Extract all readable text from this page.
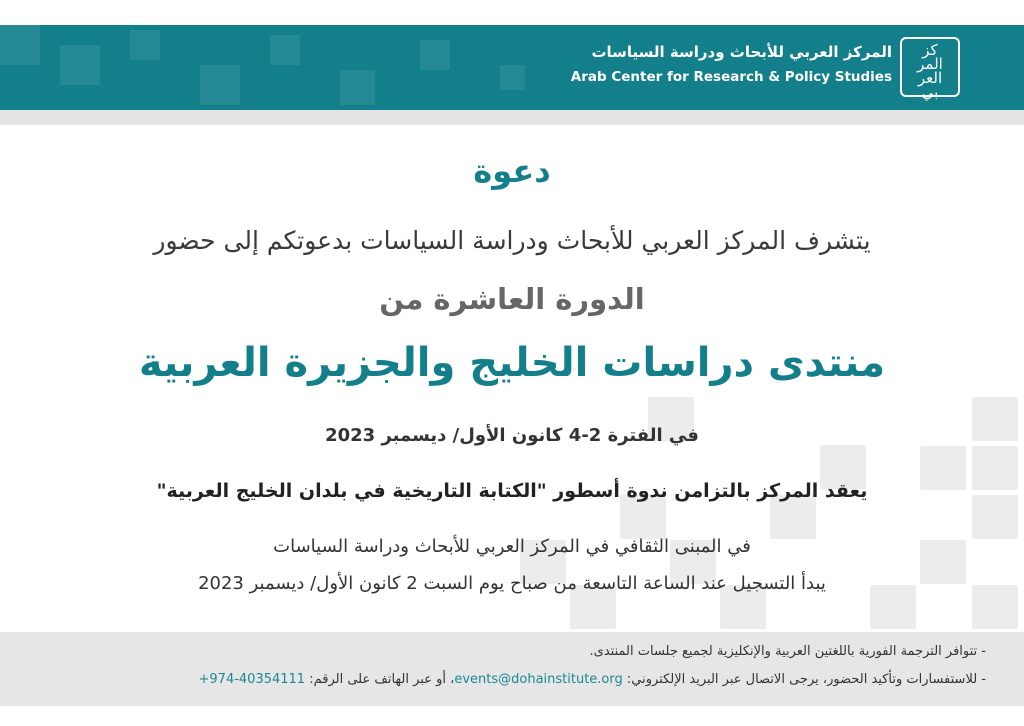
كز
المر
العر
بي
المركز العربي للأبحاث ودراسة السياسات
Arab Center for Research & Policy Studies
دعوة
يتشرف المركز العربي للأبحاث ودراسة السياسات بدعوتكم إلى حضور
الدورة العاشرة من
منتدى دراسات الخليج والجزيرة العربية
في الفترة 2-4 كانون الأول/ ديسمبر 2023
يعقد المركز بالتزامن ندوة أسطور "الكتابة التاريخية في بلدان الخليج العربية"
في المبنى الثقافي في المركز العربي للأبحاث ودراسة السياسات
يبدأ التسجيل عند الساعة التاسعة من صباح يوم السبت 2 كانون الأول/ ديسمبر 2023
- تتوافر الترجمة الفورية باللغتين العربية والإنكليزية لجميع جلسات المنتدى.
- للاستفسارات وتأكيد الحضور، يرجى الاتصال عبر البريد الإلكتروني: events@dohainstitute.org، أو عبر الهاتف على الرقم: +974-40354111
